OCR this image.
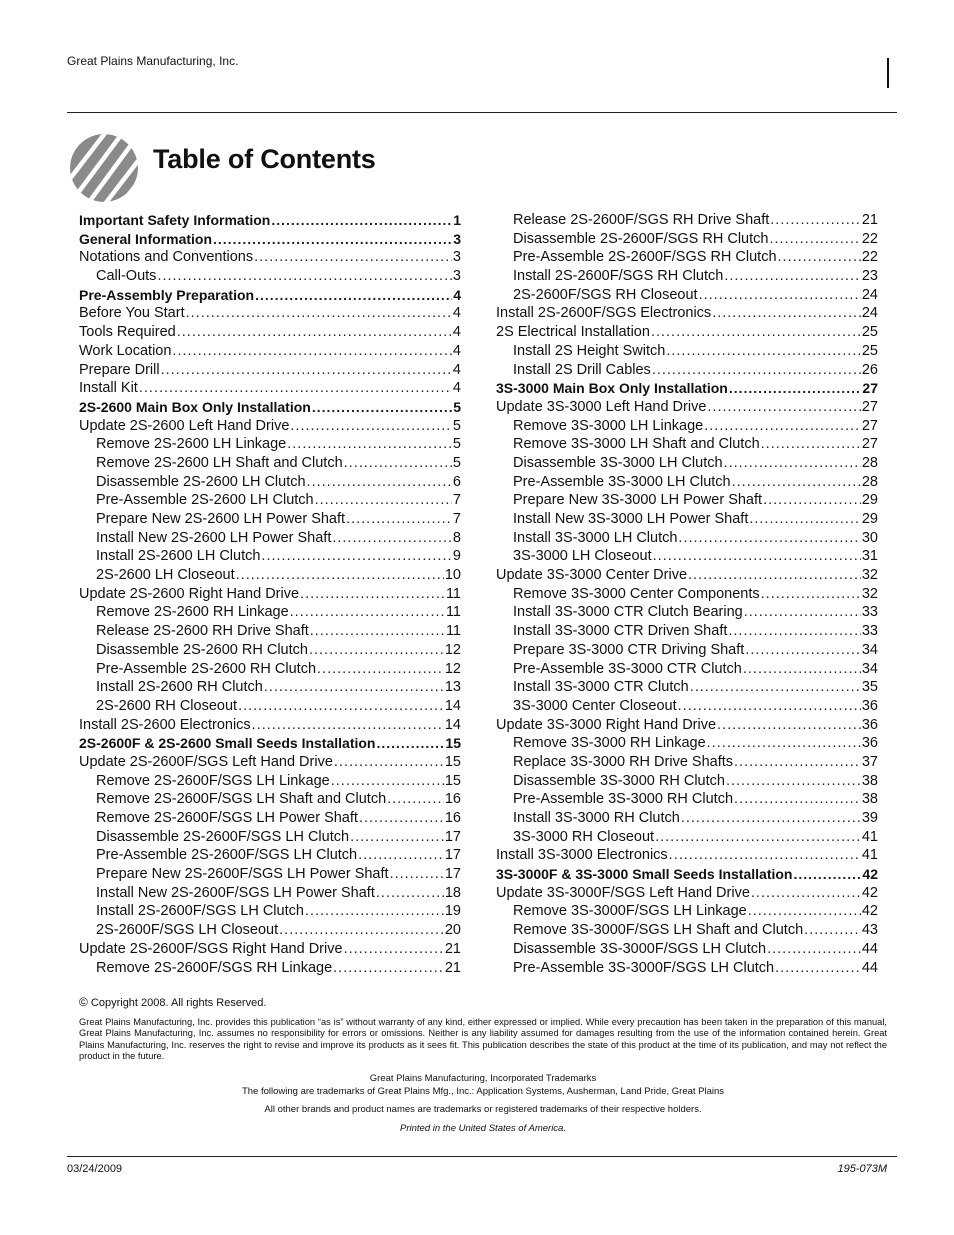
Great Plains Manufacturing, Inc.
Table of Contents
Important Safety Information .....	1
General Information .....	3
Notations and Conventions .....	3
Call-Outs .....	3
Pre-Assembly Preparation .....	4
Before You Start .....	4
Tools Required .....	4
Work Location .....	4
Prepare Drill .....	4
Install Kit .....	4
2S-2600 Main Box Only Installation .....	5
Update 2S-2600 Left Hand Drive .....	5
Remove 2S-2600 LH Linkage .....	5
Remove 2S-2600 LH Shaft and Clutch .....	5
Disassemble 2S-2600 LH Clutch .....	6
Pre-Assemble 2S-2600 LH Clutch .....	7
Prepare New 2S-2600 LH Power Shaft .....	7
Install New 2S-2600 LH Power Shaft .....	8
Install 2S-2600 LH Clutch .....	9
2S-2600 LH Closeout .....	10
Update 2S-2600 Right Hand Drive .....	11
Remove 2S-2600 RH Linkage .....	11
Release 2S-2600 RH Drive Shaft .....	11
Disassemble 2S-2600 RH Clutch .....	12
Pre-Assemble 2S-2600 RH Clutch .....	12
Install 2S-2600 RH Clutch .....	13
2S-2600 RH Closeout .....	14
Install 2S-2600 Electronics .....	14
2S-2600F & 2S-2600 Small Seeds Installation .....	15
Update 2S-2600F/SGS Left Hand Drive .....	15
Remove 2S-2600F/SGS LH Linkage .....	15
Remove 2S-2600F/SGS LH Shaft and Clutch .....	16
Remove 2S-2600F/SGS LH Power Shaft .....	16
Disassemble 2S-2600F/SGS LH Clutch .....	17
Pre-Assemble 2S-2600F/SGS LH Clutch .....	17
Prepare New 2S-2600F/SGS LH Power Shaft .....	17
Install New 2S-2600F/SGS LH Power Shaft .....	18
Install 2S-2600F/SGS LH Clutch .....	19
2S-2600F/SGS LH Closeout .....	20
Update 2S-2600F/SGS Right Hand Drive .....	21
Remove 2S-2600F/SGS RH Linkage .....	21
Release 2S-2600F/SGS RH Drive Shaft .....	21
Disassemble 2S-2600F/SGS RH Clutch .....	22
Pre-Assemble 2S-2600F/SGS RH Clutch .....	22
Install 2S-2600F/SGS RH Clutch .....	23
2S-2600F/SGS RH Closeout .....	24
Install 2S-2600F/SGS Electronics .....	24
2S Electrical Installation .....	25
Install 2S Height Switch .....	25
Install 2S Drill Cables .....	26
3S-3000 Main Box Only Installation .....	27
Update 3S-3000 Left Hand Drive .....	27
Remove 3S-3000 LH Linkage .....	27
Remove 3S-3000 LH Shaft and Clutch .....	27
Disassemble 3S-3000 LH Clutch .....	28
Pre-Assemble 3S-3000 LH Clutch .....	28
Prepare New 3S-3000 LH Power Shaft .....	29
Install New 3S-3000 LH Power Shaft .....	29
Install 3S-3000 LH Clutch .....	30
3S-3000 LH Closeout .....	31
Update 3S-3000 Center Drive .....	32
Remove 3S-3000 Center Components .....	32
Install 3S-3000 CTR Clutch Bearing .....	33
Install 3S-3000 CTR Driven Shaft .....	33
Prepare 3S-3000 CTR Driving Shaft .....	34
Pre-Assemble 3S-3000 CTR Clutch .....	34
Install 3S-3000 CTR Clutch .....	35
3S-3000 Center Closeout .....	36
Update 3S-3000 Right Hand Drive .....	36
Remove 3S-3000 RH Linkage .....	36
Replace 3S-3000 RH Drive Shafts .....	37
Disassemble 3S-3000 RH Clutch .....	38
Pre-Assemble 3S-3000 RH Clutch .....	38
Install 3S-3000 RH Clutch .....	39
3S-3000 RH Closeout .....	41
Install 3S-3000 Electronics .....	41
3S-3000F & 3S-3000 Small Seeds Installation .....	42
Update 3S-3000F/SGS Left Hand Drive .....	42
Remove 3S-3000F/SGS LH Linkage .....	42
Remove 3S-3000F/SGS LH Shaft and Clutch .....	43
Disassemble 3S-3000F/SGS LH Clutch .....	44
Pre-Assemble 3S-3000F/SGS LH Clutch .....	44
© Copyright 2008. All rights Reserved.
Great Plains Manufacturing, Inc. provides this publication “as is” without warranty of any kind, either expressed or implied. While every precaution has been taken in the preparation of this manual, Great Plains Manufacturing, Inc. assumes no responsibility for errors or omissions. Neither is any liability assumed for damages resulting from the use of the information contained herein. Great Plains Manufacturing, Inc. reserves the right to revise and improve its products as it sees fit. This publication describes the state of this product at the time of its publication, and may not reflect the product in the future.
Great Plains Manufacturing, Incorporated Trademarks
The following are trademarks of Great Plains Mfg., Inc.: Application Systems, Ausherman, Land Pride, Great Plains
All other brands and product names are trademarks or registered trademarks of their respective holders.
Printed in the United States of America.
03/24/2009	195-073M
